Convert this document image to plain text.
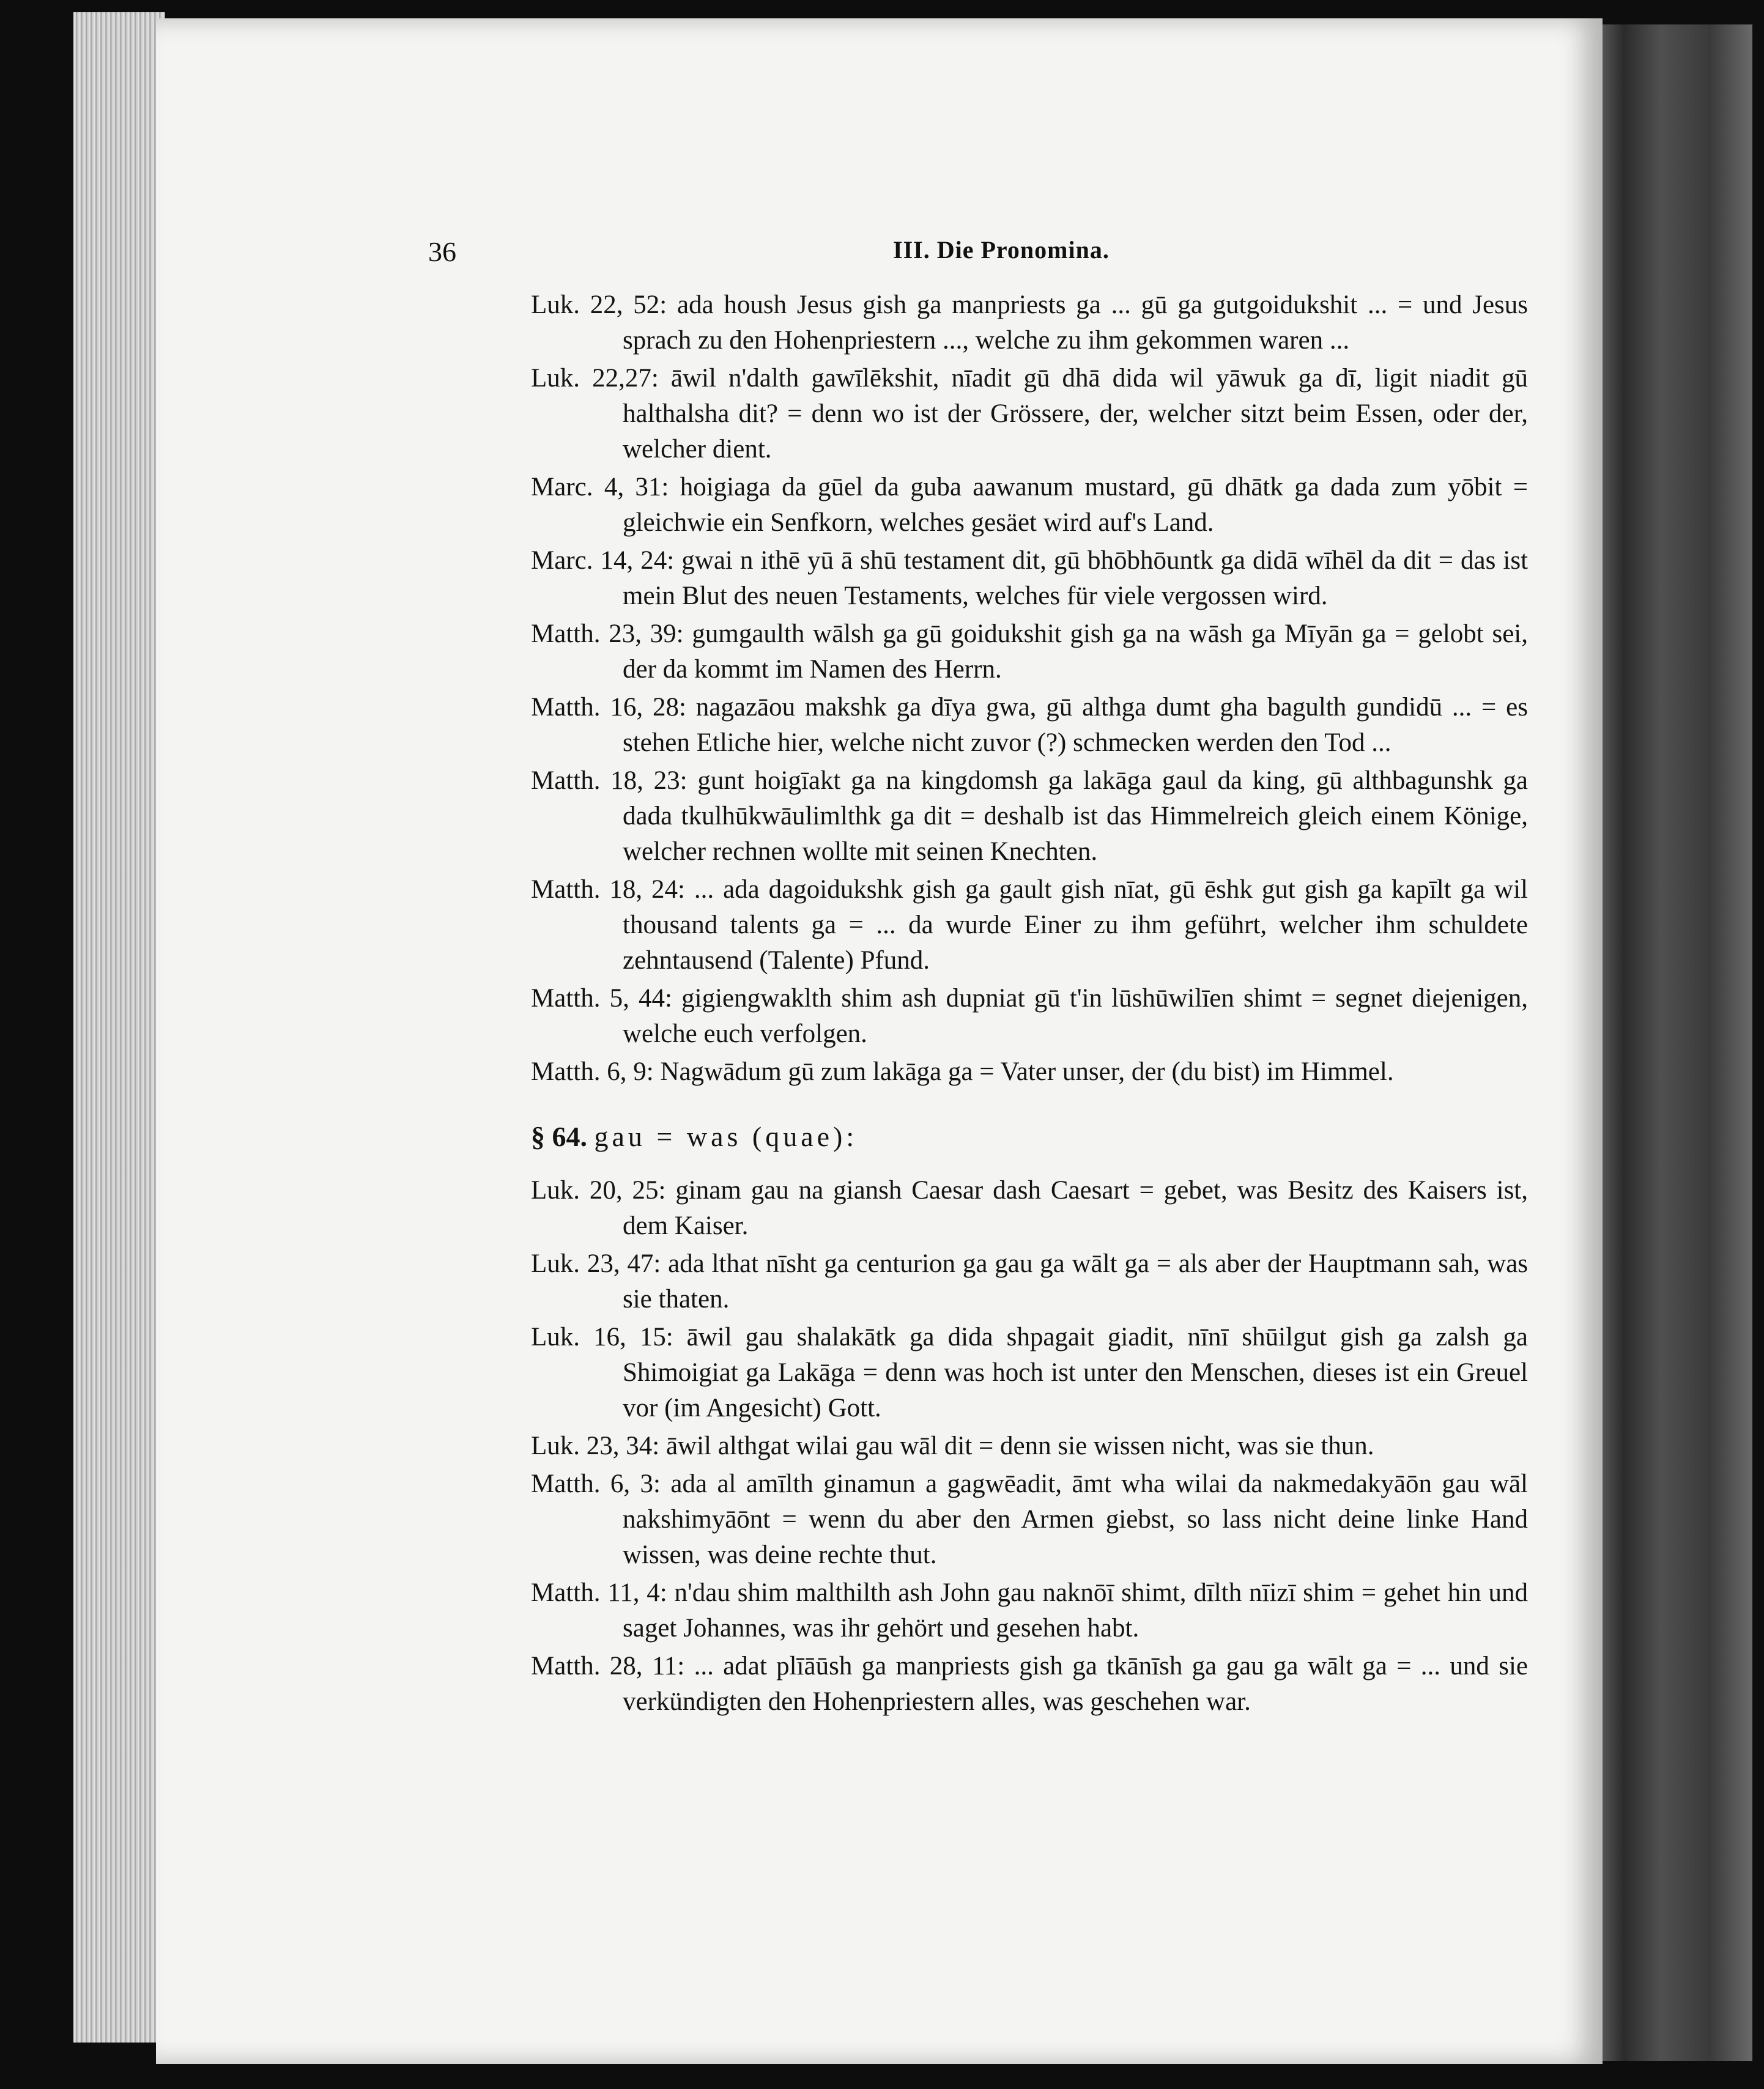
36	III. Die Pronomina.
Luk. 22, 52: ada housh Jesus gish ga manpriests ga ... gū ga gutgoidukshit ... = und Jesus sprach zu den Hohenpriestern ..., welche zu ihm gekommen waren ...
Luk. 22,27: āwil n'dalth gawīlēkshit, nīadit gū dhā dida wil yāwuk ga dī, ligit niadit gū halthalsha dit? = denn wo ist der Grössere, der, welcher sitzt beim Essen, oder der, welcher dient.
Marc. 4, 31: hoigiaga da gūel da guba aawanum mustard, gū dhātk ga dada zum yōbit = gleichwie ein Senfkorn, welches gesäet wird auf's Land.
Marc. 14, 24: gwai n ithē yū ā shū testament dit, gū bhōbhōuntk ga didā wīhēl da dit = das ist mein Blut des neuen Testaments, welches für viele vergossen wird.
Matth. 23, 39: gumgaulth wālsh ga gū goidukshit gish ga na wāsh ga Mīyān ga = gelobt sei, der da kommt im Namen des Herrn.
Matth. 16, 28: nagazāou makshk ga dīya gwa, gū althga dumt gha bagulth gundidū ... = es stehen Etliche hier, welche nicht zuvor (?) schmecken werden den Tod ...
Matth. 18, 23: gunt hoigīakt ga na kingdomsh ga lakāga gaul da king, gū althbagunshk ga dada tkulhūkwāulimlthk ga dit = deshalb ist das Himmelreich gleich einem Könige, welcher rechnen wollte mit seinen Knechten.
Matth. 18, 24: ... ada dagoidukshk gish ga gault gish nīat, gū ēshk gut gish ga kapīlt ga wil thousand talents ga = ... da wurde Einer zu ihm geführt, welcher ihm schuldete zehntausend (Talente) Pfund.
Matth. 5, 44: gigiengwaklth shim ash dupniat gū t'in lūshūwilīen shimt = segnet diejenigen, welche euch verfolgen.
Matth. 6, 9: Nagwādum gū zum lakāga ga = Vater unser, der (du bist) im Himmel.
§ 64. gau = was (quae):
Luk. 20, 25: ginam gau na giansh Caesar dash Caesart = gebet, was Besitz des Kaisers ist, dem Kaiser.
Luk. 23, 47: ada lthat nīsht ga centurion ga gau ga wālt ga = als aber der Hauptmann sah, was sie thaten.
Luk. 16, 15: āwil gau shalakātk ga dida shpagait giadit, nīnī shūilgut gish ga zalsh ga Shimoigiat ga Lakāga = denn was hoch ist unter den Menschen, dieses ist ein Greuel vor (im Angesicht) Gott.
Luk. 23, 34: āwil althgat wilai gau wāl dit = denn sie wissen nicht, was sie thun.
Matth. 6, 3: ada al amīlth ginamun a gagwēadit, āmt wha wilai da nakmedakyāōn gau wāl nakshimyāōnt = wenn du aber den Armen giebst, so lass nicht deine linke Hand wissen, was deine rechte thut.
Matth. 11, 4: n'dau shim malthilth ash John gau naknōī shimt, dīlth nīizī shim = gehet hin und saget Johannes, was ihr gehört und gesehen habt.
Matth. 28, 11: ... adat plīāūsh ga manpriests gish ga tkānīsh ga gau ga wālt ga = ... und sie verkündigten den Hohenpriestern alles, was geschehen war.
